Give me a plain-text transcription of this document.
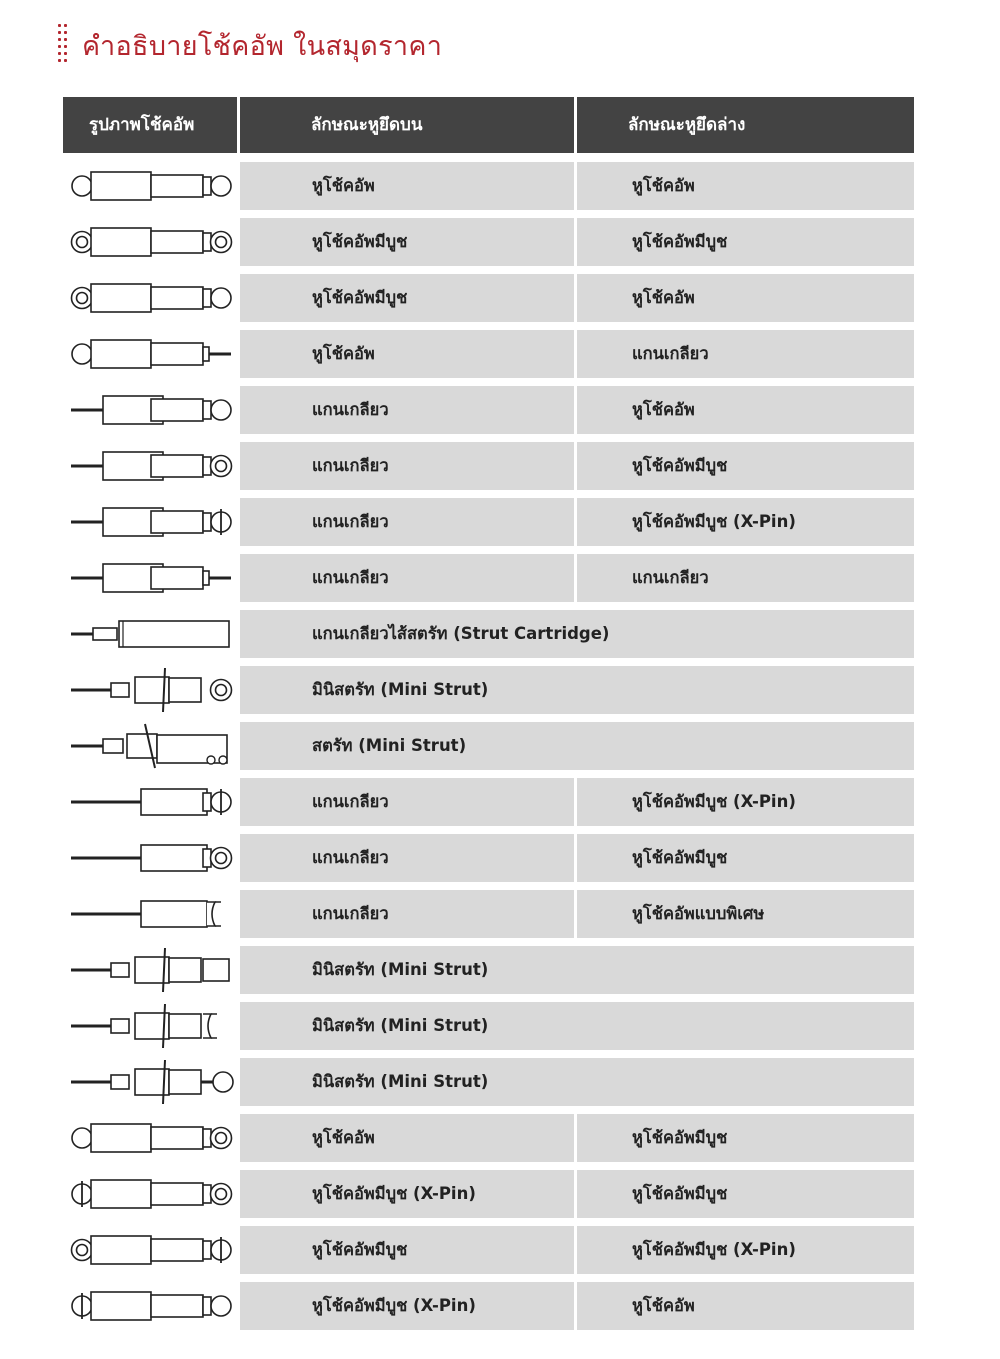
คำอธิบายโช้คอัพ ในสมุดราคา
รูปภาพโช้คอัพ	ลักษณะหูยึดบน	ลักษณะหูยึดล่าง
หูโช้คอัพ	หูโช้คอัพ
หูโช้คอัพมีบูช	หูโช้คอัพมีบูช
หูโช้คอัพมีบูช	หูโช้คอัพ
หูโช้คอัพ	แกนเกลียว
แกนเกลียว	หูโช้คอัพ
แกนเกลียว	หูโช้คอัพมีบูช
แกนเกลียว	หูโช้คอัพมีบูช (X-Pin)
แกนเกลียว	แกนเกลียว
แกนเกลียวไส้สตรัท (Strut Cartridge)
มินิสตรัท (Mini Strut)
สตรัท (Mini Strut)
แกนเกลียว	หูโช้คอัพมีบูช (X-Pin)
แกนเกลียว	หูโช้คอัพมีบูช
แกนเกลียว	หูโช้คอัพแบบพิเศษ
มินิสตรัท (Mini Strut)
มินิสตรัท (Mini Strut)
มินิสตรัท (Mini Strut)
หูโช้คอัพ	หูโช้คอัพมีบูช
หูโช้คอัพมีบูช (X-Pin)	หูโช้คอัพมีบูช
หูโช้คอัพมีบูช	หูโช้คอัพมีบูช (X-Pin)
หูโช้คอัพมีบูช (X-Pin)	หูโช้คอัพ
